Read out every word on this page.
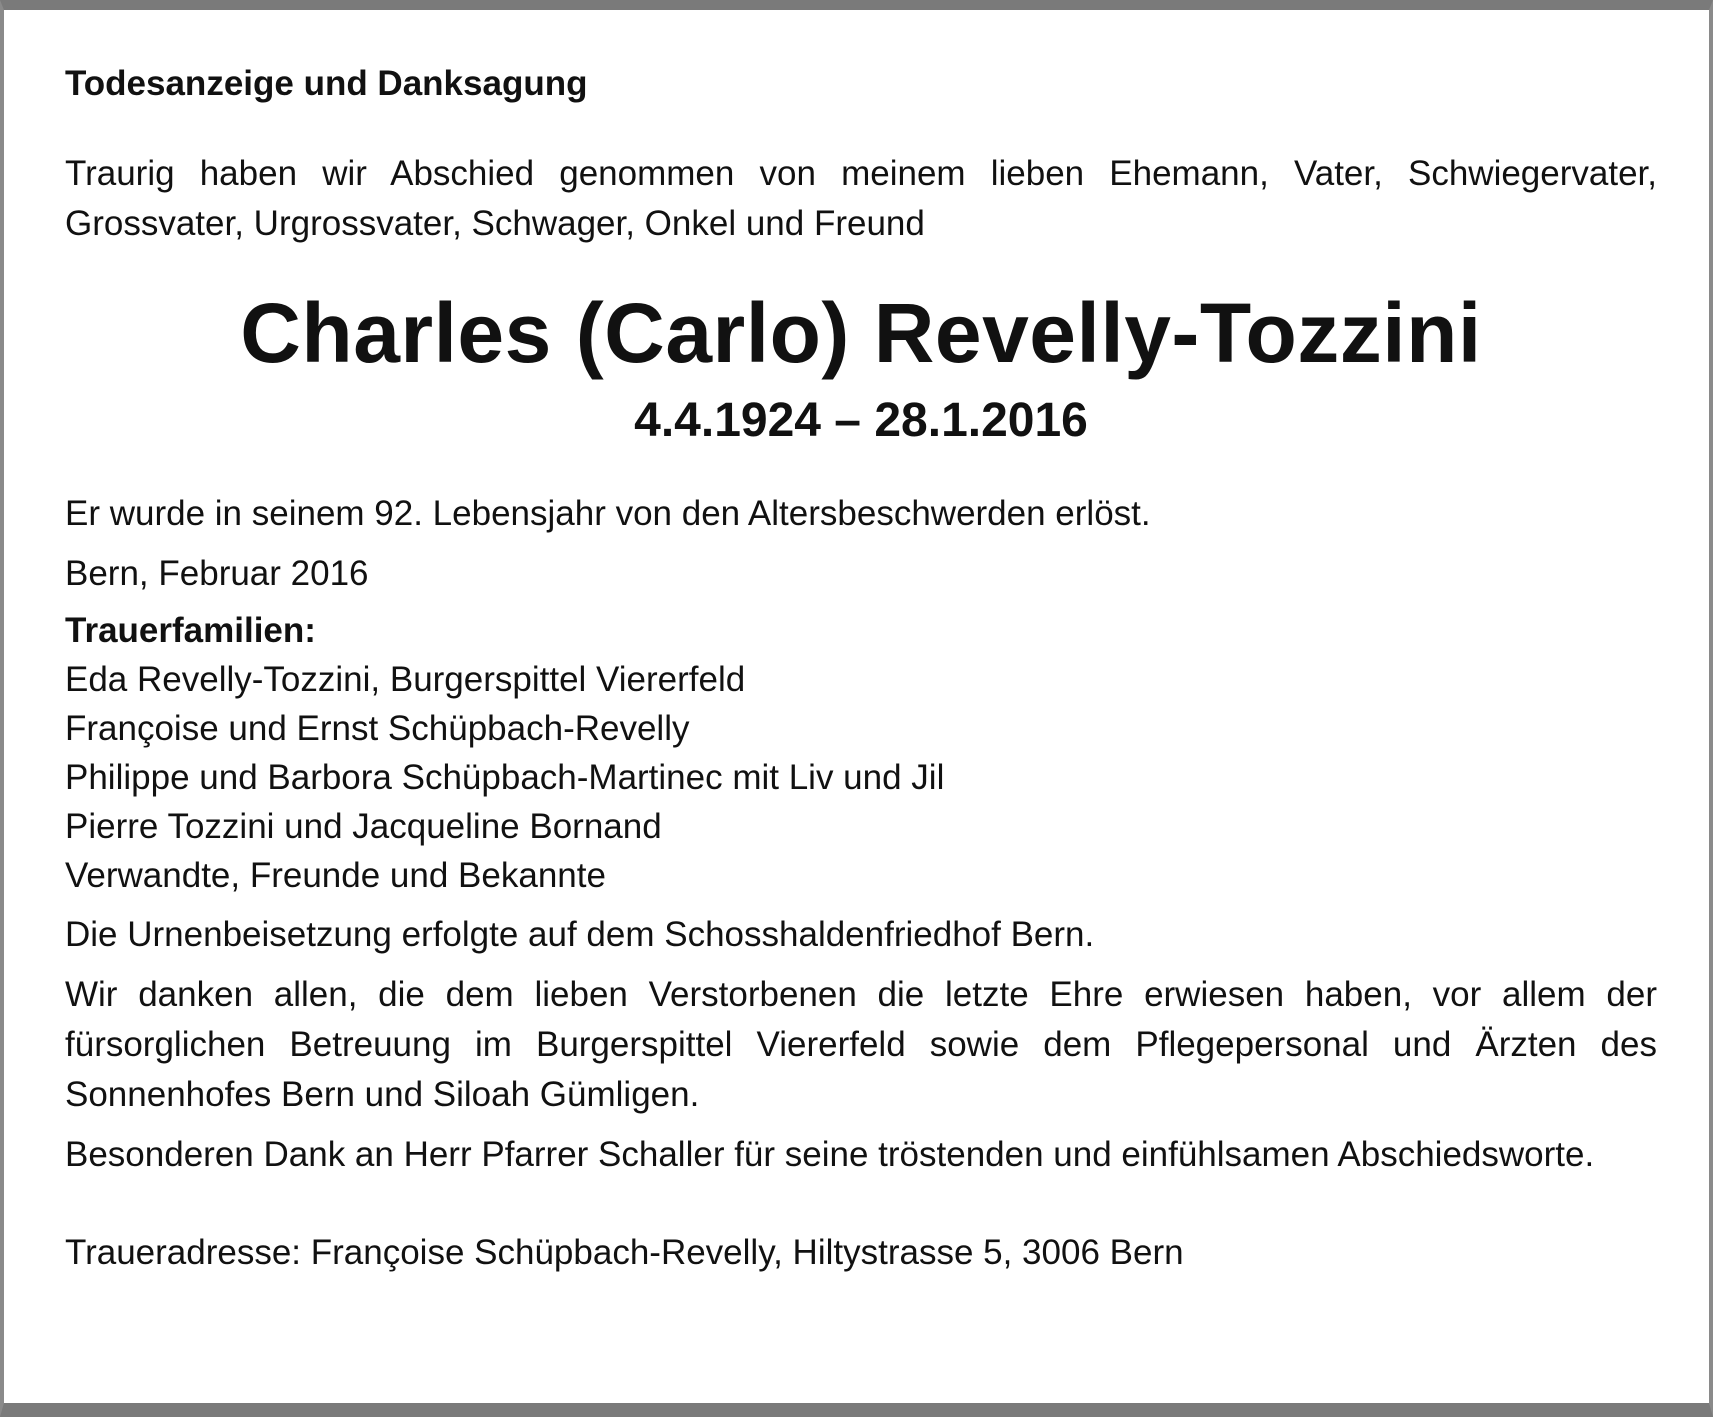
Todesanzeige und Danksagung

Traurig haben wir Abschied genommen von meinem lieben Ehemann, Vater, Schwiegervater, Grossvater, Urgrossvater, Schwager, Onkel und Freund

Charles (Carlo) Revelly-Tozzini

4.4.1924 – 28.1.2016

Er wurde in seinem 92. Lebensjahr von den Altersbeschwerden erlöst.

Bern, Februar 2016

Trauerfamilien:

Eda Revelly-Tozzini, Burgerspittel Viererfeld

Françoise und Ernst Schüpbach-Revelly

Philippe und Barbora Schüpbach-Martinec mit Liv und Jil

Pierre Tozzini und Jacqueline Bornand

Verwandte, Freunde und Bekannte

Die Urnenbeisetzung erfolgte auf dem Schosshaldenfriedhof Bern.

Wir danken allen, die dem lieben Verstorbenen die letzte Ehre erwiesen haben, vor allem der fürsorglichen Betreuung im Burgerspittel Viererfeld sowie dem Pflegepersonal und Ärzten des Sonnenhofes Bern und Siloah Gümligen.

Besonderen Dank an Herr Pfarrer Schaller für seine tröstenden und einfühlsamen Abschiedsworte.

Traueradresse: Françoise Schüpbach-Revelly, Hiltystrasse 5, 3006 Bern
